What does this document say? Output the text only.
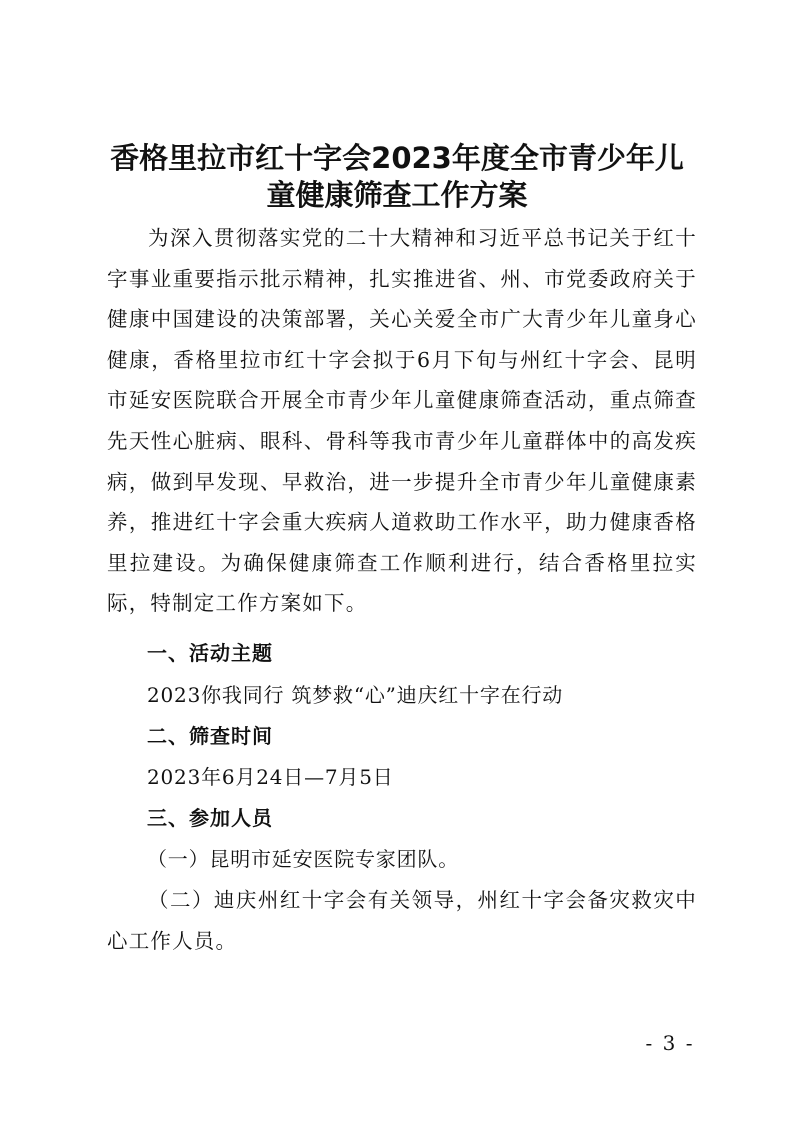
香格里拉市红十字会2023年度全市青少年儿
童健康筛查工作方案

为深入贯彻落实党的二十大精神和习近平总书记关于红十字事业重要指示批示精神，扎实推进省、州、市党委政府关于健康中国建设的决策部署，关心关爱全市广大青少年儿童身心健康，香格里拉市红十字会拟于6月下旬与州红十字会、昆明市延安医院联合开展全市青少年儿童健康筛查活动，重点筛查先天性心脏病、眼科、骨科等我市青少年儿童群体中的高发疾病，做到早发现、早救治，进一步提升全市青少年儿童健康素养，推进红十字会重大疾病人道救助工作水平，助力健康香格里拉建设。为确保健康筛查工作顺利进行，结合香格里拉实际，特制定工作方案如下。

一、活动主题

2023你我同行 筑梦救“心”迪庆红十字在行动

二、筛查时间

2023年6月24日—7月5日

三、参加人员

（一）昆明市延安医院专家团队。

（二）迪庆州红十字会有关领导，州红十字会备灾救灾中心工作人员。

- 3 -
